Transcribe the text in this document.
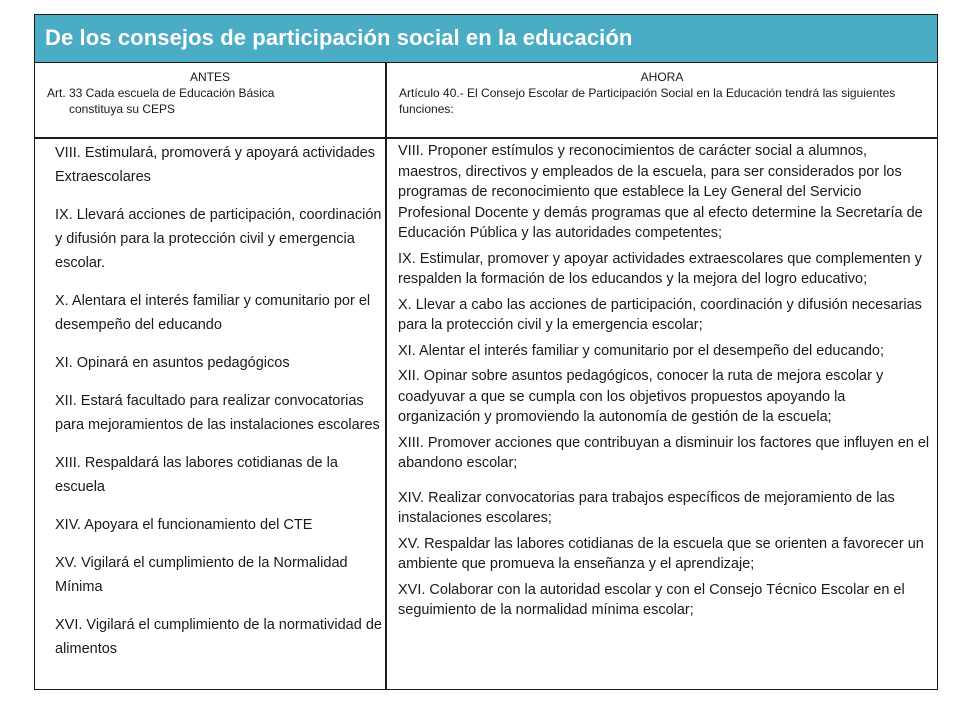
De los consejos de participación social en la educación
ANTES
Art. 33 Cada escuela de Educación Básica
constituya su CEPS
AHORA
Artículo 40.- El Consejo Escolar de Participación Social en la Educación tendrá las siguientes funciones:

VIII. Estimulará, promoverá y apoyará actividades Extraescolares

IX. Llevará acciones de participación, coordinación y difusión para la protección civil y emergencia escolar.

X. Alentara el interés familiar y comunitario por el desempeño del educando

XI. Opinará en asuntos pedagógicos

XII. Estará facultado para realizar convocatorias para mejoramientos de las instalaciones escolares

XIII. Respaldará las labores cotidianas de la escuela

XIV. Apoyara el funcionamiento del CTE

XV. Vigilará el cumplimiento de la Normalidad Mínima

XVI. Vigilará el cumplimiento de la normatividad de alimentos

VIII. Proponer estímulos y reconocimientos de carácter social a alumnos, maestros, directivos y empleados de la escuela, para ser considerados por los programas de reconocimiento que establece la Ley General del Servicio Profesional Docente y demás programas que al efecto determine la Secretaría de Educación Pública y las autoridades competentes;

IX. Estimular, promover y apoyar actividades extraescolares que complementen y respalden la formación de los educandos y la mejora del logro educativo;

X. Llevar a cabo las acciones de participación, coordinación y difusión necesarias para la protección civil y la emergencia escolar;

XI. Alentar el interés familiar y comunitario por el desempeño del educando;

XII. Opinar sobre asuntos pedagógicos, conocer la ruta de mejora escolar y coadyuvar a que se cumpla con los objetivos propuestos apoyando la organización y promoviendo la autonomía de gestión de la escuela;

XIII. Promover acciones que contribuyan a disminuir los factores que influyen en el abandono escolar;

XIV. Realizar convocatorias para trabajos específicos de mejoramiento de las instalaciones escolares;

XV. Respaldar las labores cotidianas de la escuela que se orienten a favorecer un ambiente que promueva la enseñanza y el aprendizaje;

XVI. Colaborar con la autoridad escolar y con el Consejo Técnico Escolar en el seguimiento de la normalidad mínima escolar;
